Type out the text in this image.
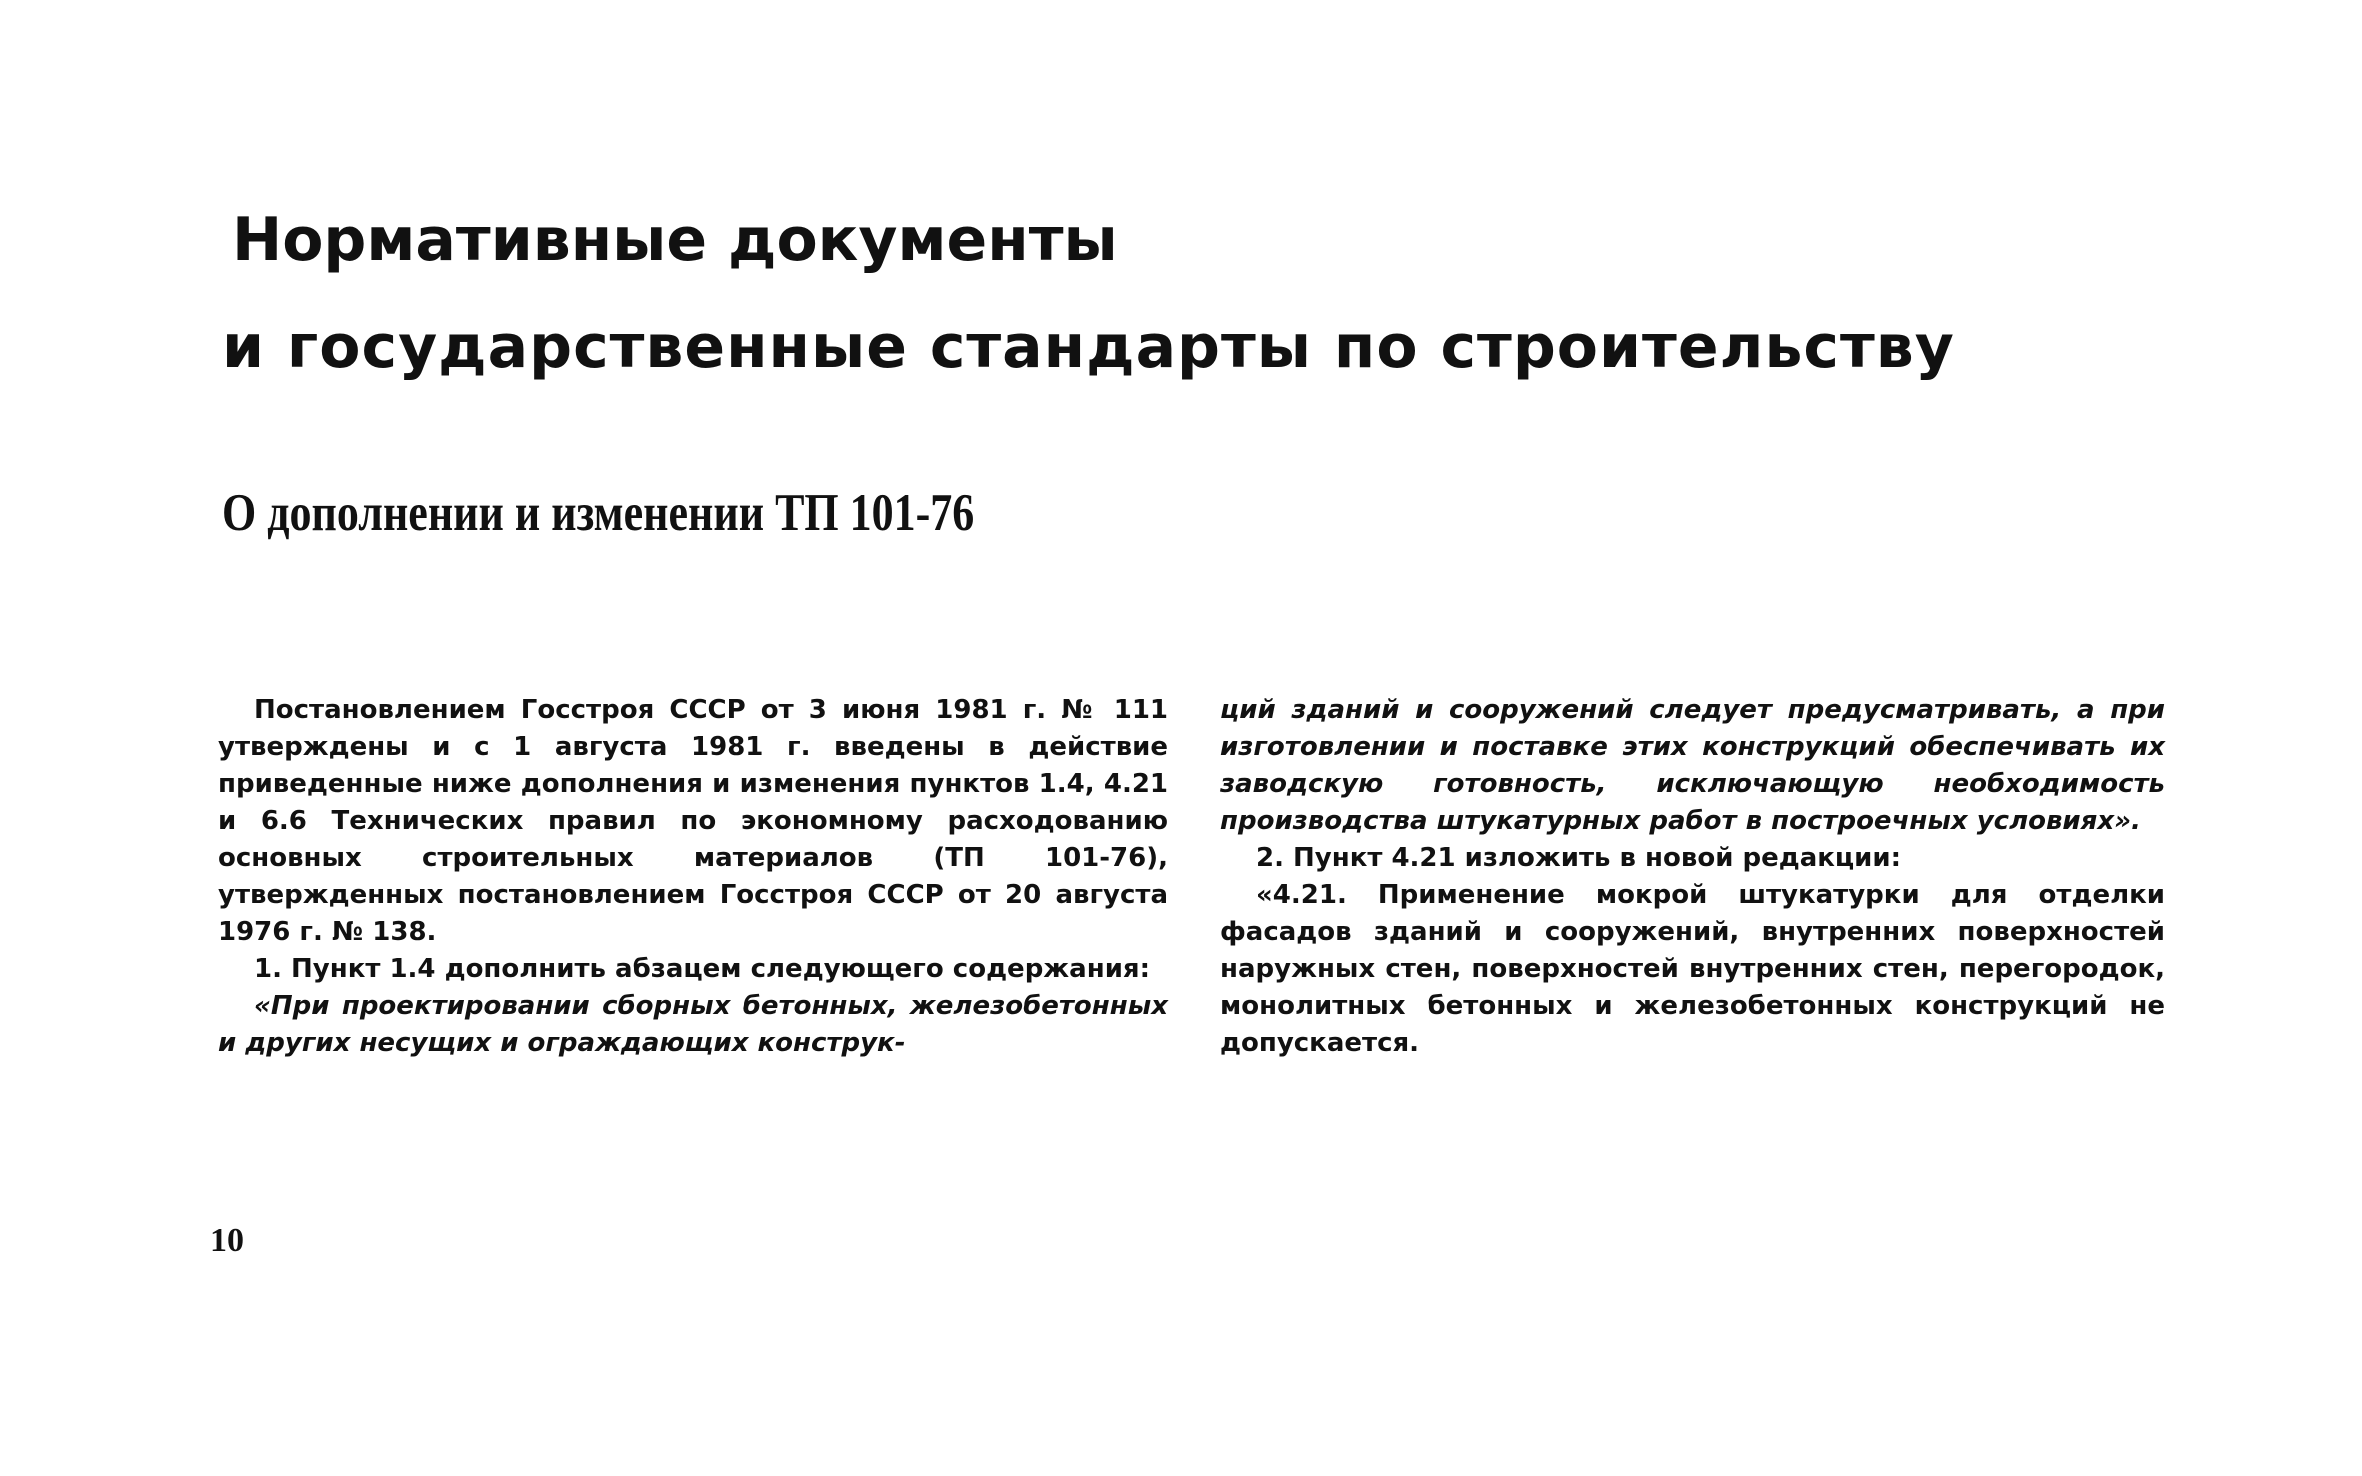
Нормативные документы
и государственные стандарты по строительству
О дополнении и изменении ТП 101-76

Постановлением Госстроя СССР от 3 июня 1981 г. № 111 утверждены и с 1 августа 1981 г. введены в действие приведенные ниже дополнения и изменения пунктов 1.4, 4.21 и 6.6 Технических правил по экономному расходованию основных строительных материалов (ТП 101-76), утвержденных постановлением Госстроя СССР от 20 августа 1976 г. № 138.

1. Пункт 1.4 дополнить абзацем следующего содержания:

«При проектировании сборных бетонных, железобетонных и других несущих и ограждающих конструк-

ций зданий и сооружений следует предусматривать, а при изготовлении и поставке этих конструкций обеспечивать их заводскую готовность, исключающую необходимость производства штукатурных работ в построечных условиях».

2. Пункт 4.21 изложить в новой редакции:

«4.21. Применение мокрой штукатурки для отделки фасадов зданий и сооружений, внутренних поверхностей наружных стен, поверхностей внутренних стен, перегородок, монолитных бетонных и железобетонных конструкций не допускается.

10
